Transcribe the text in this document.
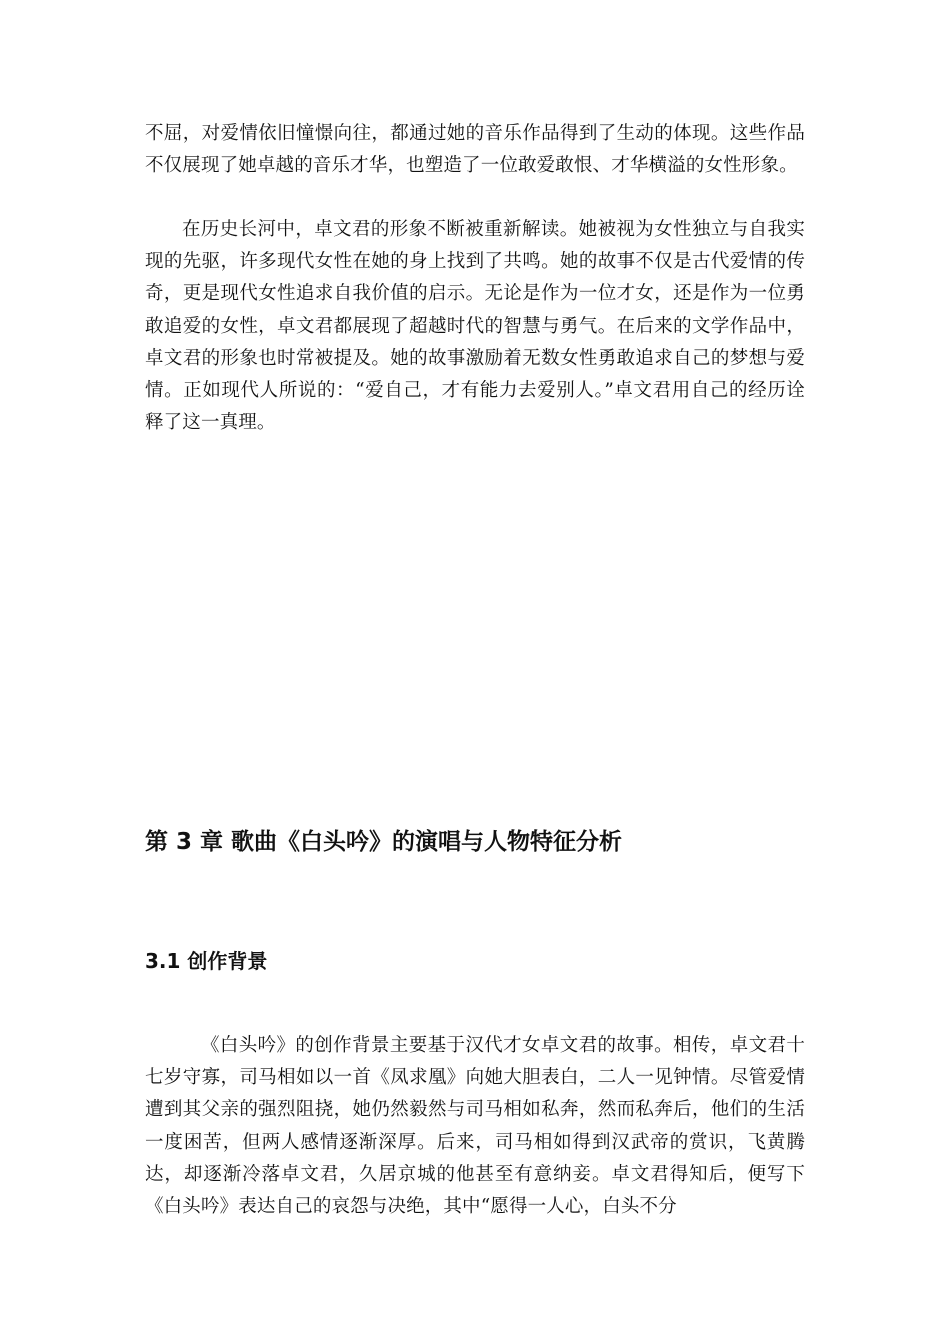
不屈，对爱情依旧憧憬向往，都通过她的音乐作品得到了生动的体现。这些作品不仅展现了她卓越的音乐才华，也塑造了一位敢爱敢恨、才华横溢的女性形象。

在历史长河中，卓文君的形象不断被重新解读。她被视为女性独立与自我实现的先驱，许多现代女性在她的身上找到了共鸣。她的故事不仅是古代爱情的传奇，更是现代女性追求自我价值的启示。无论是作为一位才女，还是作为一位勇敢追爱的女性，卓文君都展现了超越时代的智慧与勇气。在后来的文学作品中，卓文君的形象也时常被提及。她的故事激励着无数女性勇敢追求自己的梦想与爱情。正如现代人所说的：“爱自己，才有能力去爱别人。”卓文君用自己的经历诠释了这一真理。

第 3 章 歌曲《白头吟》的演唱与人物特征分析
3.1 创作背景

《白头吟》的创作背景主要基于汉代才女卓文君的故事。相传，卓文君十七岁守寡，司马相如以一首《凤求凰》向她大胆表白，二人一见钟情。尽管爱情遭到其父亲的强烈阻挠，她仍然毅然与司马相如私奔，然而私奔后，他们的生活一度困苦，但两人感情逐渐深厚。后来，司马相如得到汉武帝的赏识，飞黄腾达，却逐渐冷落卓文君，久居京城的他甚至有意纳妾。卓文君得知后，便写下《白头吟》表达自己的哀怨与决绝，其中“愿得一人心，白头不分
